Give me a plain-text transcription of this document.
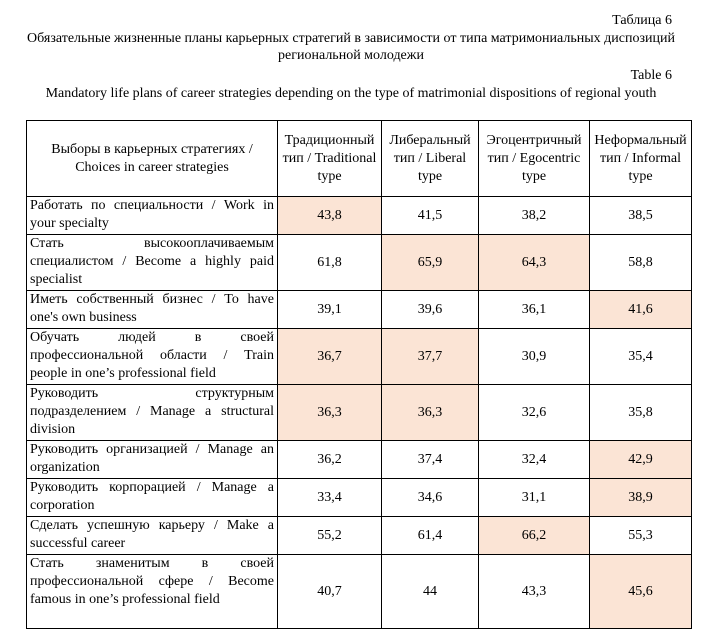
Таблица 6
Обязательные жизненные планы карьерных стратегий в зависимости от типа матримониальных диспозиций региональной молодежи
Table 6
Mandatory life plans of career strategies depending on the type of matrimonial dispositions of regional youth
Выборы в карьерных стратегиях / Choices in career strategies	Традиционный тип / Traditional type	Либеральный тип / Liberal type	Эгоцентричный тип / Egocentric type	Неформальный тип / Informal type
Работать по специальности / Work in your specialty	43,8	41,5	38,2	38,5
Стать высокооплачиваемым специалистом / Become a highly paid specialist	61,8	65,9	64,3	58,8
Иметь собственный бизнес / To have one's own business	39,1	39,6	36,1	41,6
Обучать людей в своей профессиональной области / Train people in one’s professional field	36,7	37,7	30,9	35,4
Руководить структурным подразделением / Manage a structural division	36,3	36,3	32,6	35,8
Руководить организацией / Manage an organization	36,2	37,4	32,4	42,9
Руководить корпорацией / Manage a corporation	33,4	34,6	31,1	38,9
Сделать успешную карьеру / Make a successful career	55,2	61,4	66,2	55,3
Стать знаменитым в своей профессиональной сфере / Become famous in one’s professional field	40,7	44	43,3	45,6
